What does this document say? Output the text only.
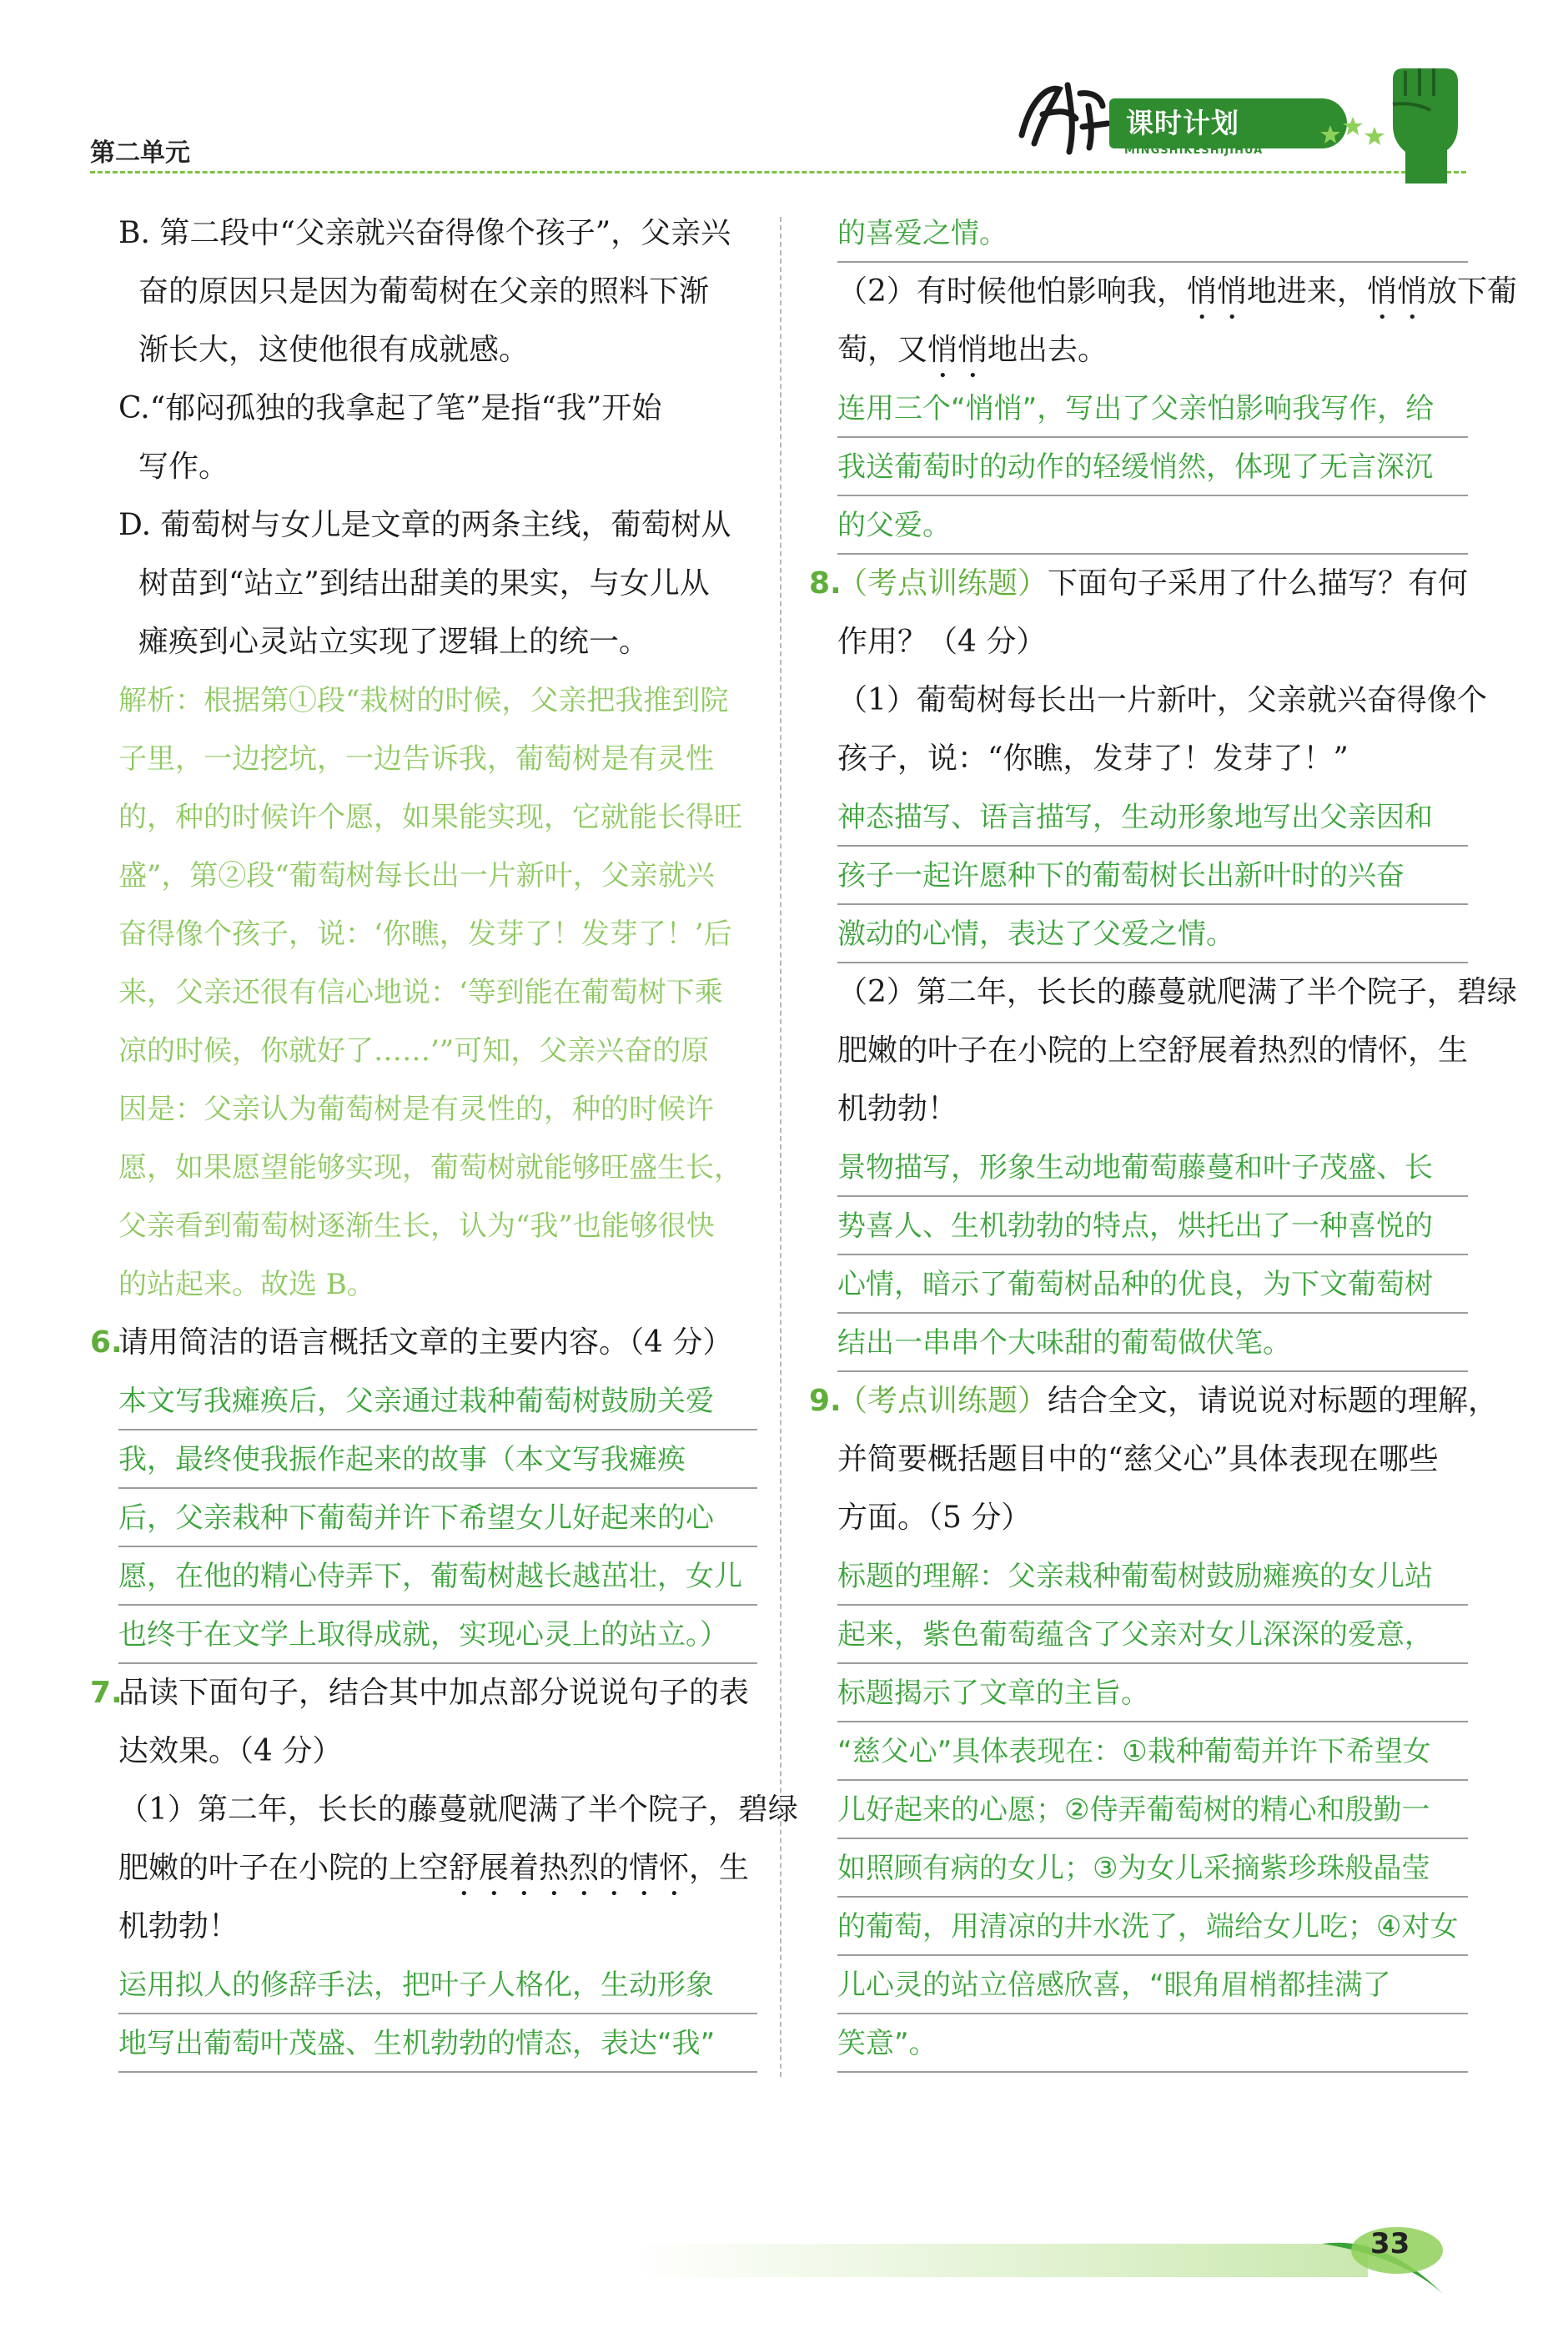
第二单元
课时计划
MINGSHIKESHIJIHUA
B. 第二段中“父亲就兴奋得像个孩子”，父亲兴
奋的原因只是因为葡萄树在父亲的照料下渐
渐长大，这使他很有成就感。
C.“郁闷孤独的我拿起了笔”是指“我”开始
写作。
D. 葡萄树与女儿是文章的两条主线，葡萄树从
树苗到“站立”到结出甜美的果实，与女儿从
瘫痪到心灵站立实现了逻辑上的统一。
解析：根据第①段“栽树的时候，父亲把我推到院
子里，一边挖坑，一边告诉我，葡萄树是有灵性
的，种的时候许个愿，如果能实现，它就能长得旺
盛”，第②段“葡萄树每长出一片新叶，父亲就兴
奋得像个孩子，说：‘你瞧，发芽了！发芽了！’后
来，父亲还很有信心地说：‘等到能在葡萄树下乘
凉的时候，你就好了……’”可知，父亲兴奋的原
因是：父亲认为葡萄树是有灵性的，种的时候许
愿，如果愿望能够实现，葡萄树就能够旺盛生长，
父亲看到葡萄树逐渐生长，认为“我”也能够很快
的站起来。故选 B。
6.请用简洁的语言概括文章的主要内容。（4 分）
本文写我瘫痪后，父亲通过栽种葡萄树鼓励关爱
我，最终使我振作起来的故事（本文写我瘫痪
后，父亲栽种下葡萄并许下希望女儿好起来的心
愿，在他的精心侍弄下，葡萄树越长越茁壮，女儿
也终于在文学上取得成就，实现心灵上的站立。）
7.品读下面句子，结合其中加点部分说说句子的表
达效果。（4 分）
（1）第二年，长长的藤蔓就爬满了半个院子，碧绿
肥嫩的叶子在小院的上空舒展着热烈的情怀，生
机勃勃！
运用拟人的修辞手法，把叶子人格化，生动形象
地写出葡萄叶茂盛、生机勃勃的情态，表达“我”
的喜爱之情。
（2）有时候他怕影响我，悄悄地进来，悄悄放下葡
萄，又悄悄地出去。
连用三个“悄悄”，写出了父亲怕影响我写作，给
我送葡萄时的动作的轻缓悄然，体现了无言深沉
的父爱。
8.（考点训练题）下面句子采用了什么描写？有何
作用？（4 分）
（1）葡萄树每长出一片新叶，父亲就兴奋得像个
孩子，说：“你瞧，发芽了！发芽了！”
神态描写、语言描写，生动形象地写出父亲因和
孩子一起许愿种下的葡萄树长出新叶时的兴奋
激动的心情，表达了父爱之情。
（2）第二年，长长的藤蔓就爬满了半个院子，碧绿
肥嫩的叶子在小院的上空舒展着热烈的情怀，生
机勃勃！
景物描写，形象生动地葡萄藤蔓和叶子茂盛、长
势喜人、生机勃勃的特点，烘托出了一种喜悦的
心情，暗示了葡萄树品种的优良，为下文葡萄树
结出一串串个大味甜的葡萄做伏笔。
9.（考点训练题）结合全文，请说说对标题的理解，
并简要概括题目中的“慈父心”具体表现在哪些
方面。（5 分）
标题的理解：父亲栽种葡萄树鼓励瘫痪的女儿站
起来，紫色葡萄蕴含了父亲对女儿深深的爱意，
标题揭示了文章的主旨。
“慈父心”具体表现在：①栽种葡萄并许下希望女
儿好起来的心愿；②侍弄葡萄树的精心和殷勤一
如照顾有病的女儿；③为女儿采摘紫珍珠般晶莹
的葡萄，用清凉的井水洗了，端给女儿吃；④对女
儿心灵的站立倍感欣喜，“眼角眉梢都挂满了
笑意”。
33
